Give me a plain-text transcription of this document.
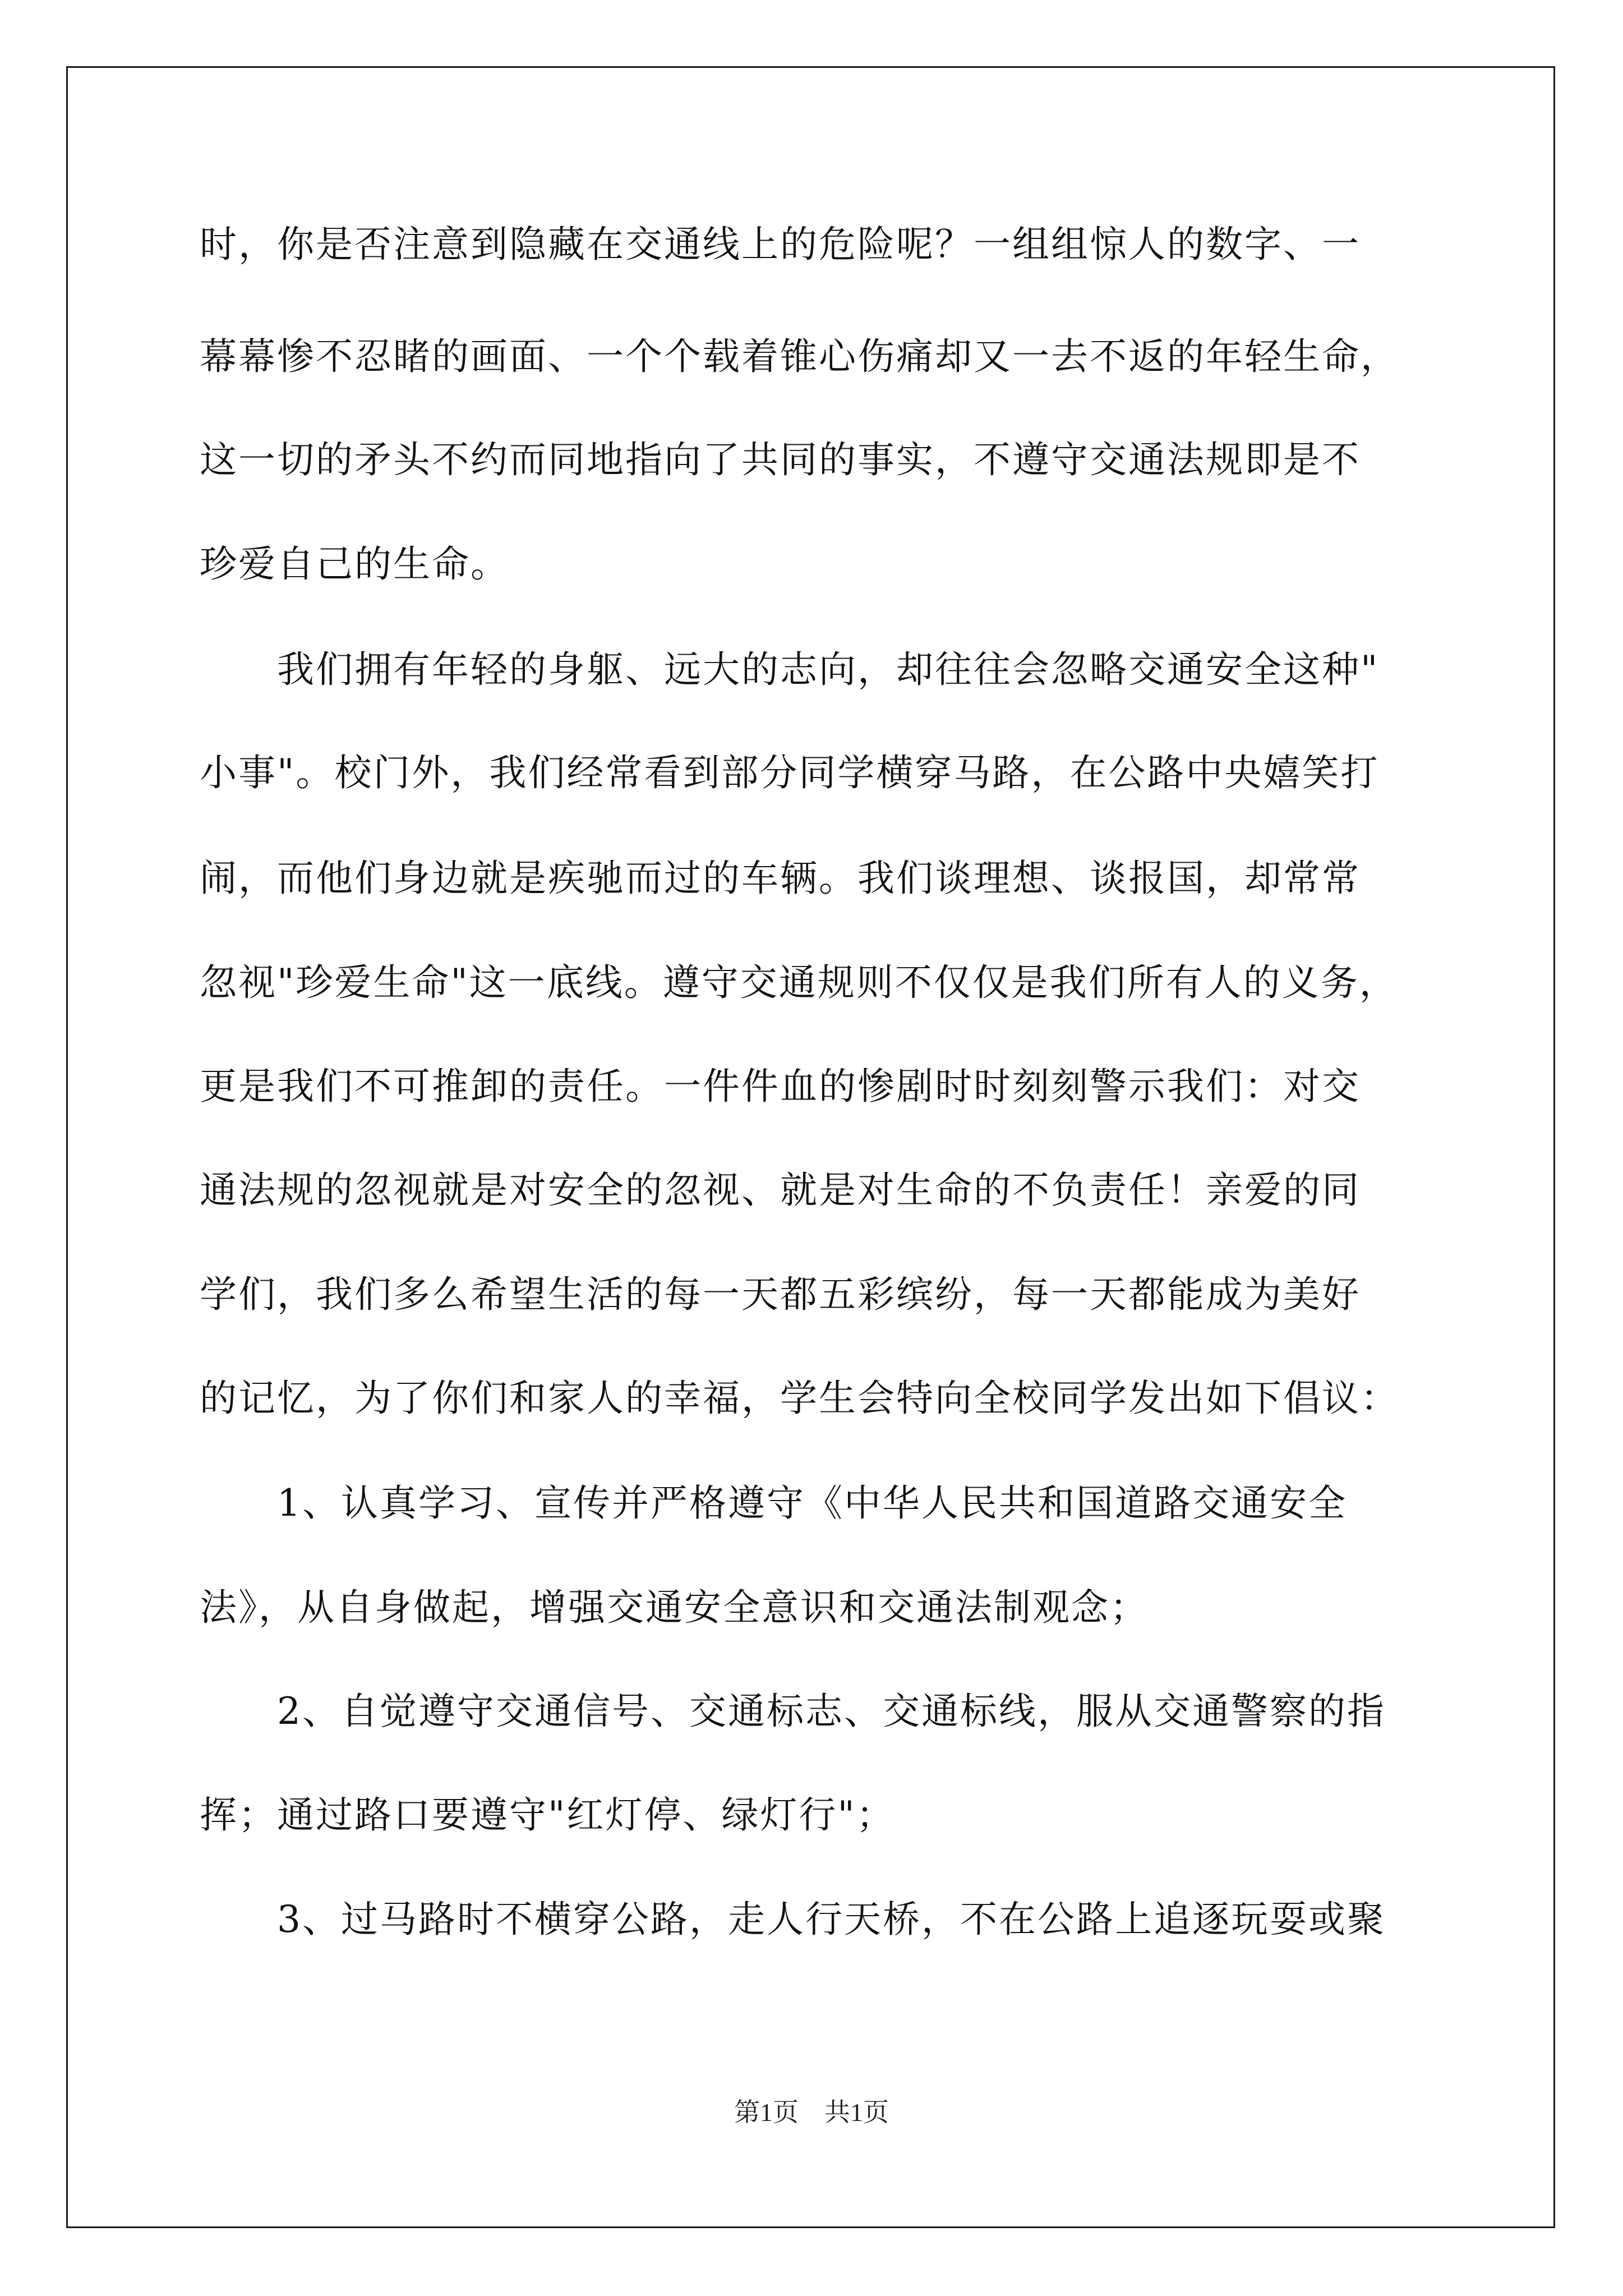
时，你是否注意到隐藏在交通线上的危险呢？一组组惊人的数字、一
幕幕惨不忍睹的画面、一个个载着锥心伤痛却又一去不返的年轻生命，
这一切的矛头不约而同地指向了共同的事实，不遵守交通法规即是不
珍爱自己的生命。
　　我们拥有年轻的身躯、远大的志向，却往往会忽略交通安全这种"
小事"。校门外，我们经常看到部分同学横穿马路，在公路中央嬉笑打
闹，而他们身边就是疾驰而过的车辆。我们谈理想、谈报国，却常常
忽视"珍爱生命"这一底线。遵守交通规则不仅仅是我们所有人的义务，
更是我们不可推卸的责任。一件件血的惨剧时时刻刻警示我们：对交
通法规的忽视就是对安全的忽视、就是对生命的不负责任！亲爱的同
学们，我们多么希望生活的每一天都五彩缤纷，每一天都能成为美好
的记忆，为了你们和家人的幸福，学生会特向全校同学发出如下倡议：
　　1、认真学习、宣传并严格遵守《中华人民共和国道路交通安全
法》，从自身做起，增强交通安全意识和交通法制观念；
　　2、自觉遵守交通信号、交通标志、交通标线，服从交通警察的指
挥；通过路口要遵守"红灯停、绿灯行"；
　　3、过马路时不横穿公路，走人行天桥，不在公路上追逐玩耍或聚
第1页　共1页
